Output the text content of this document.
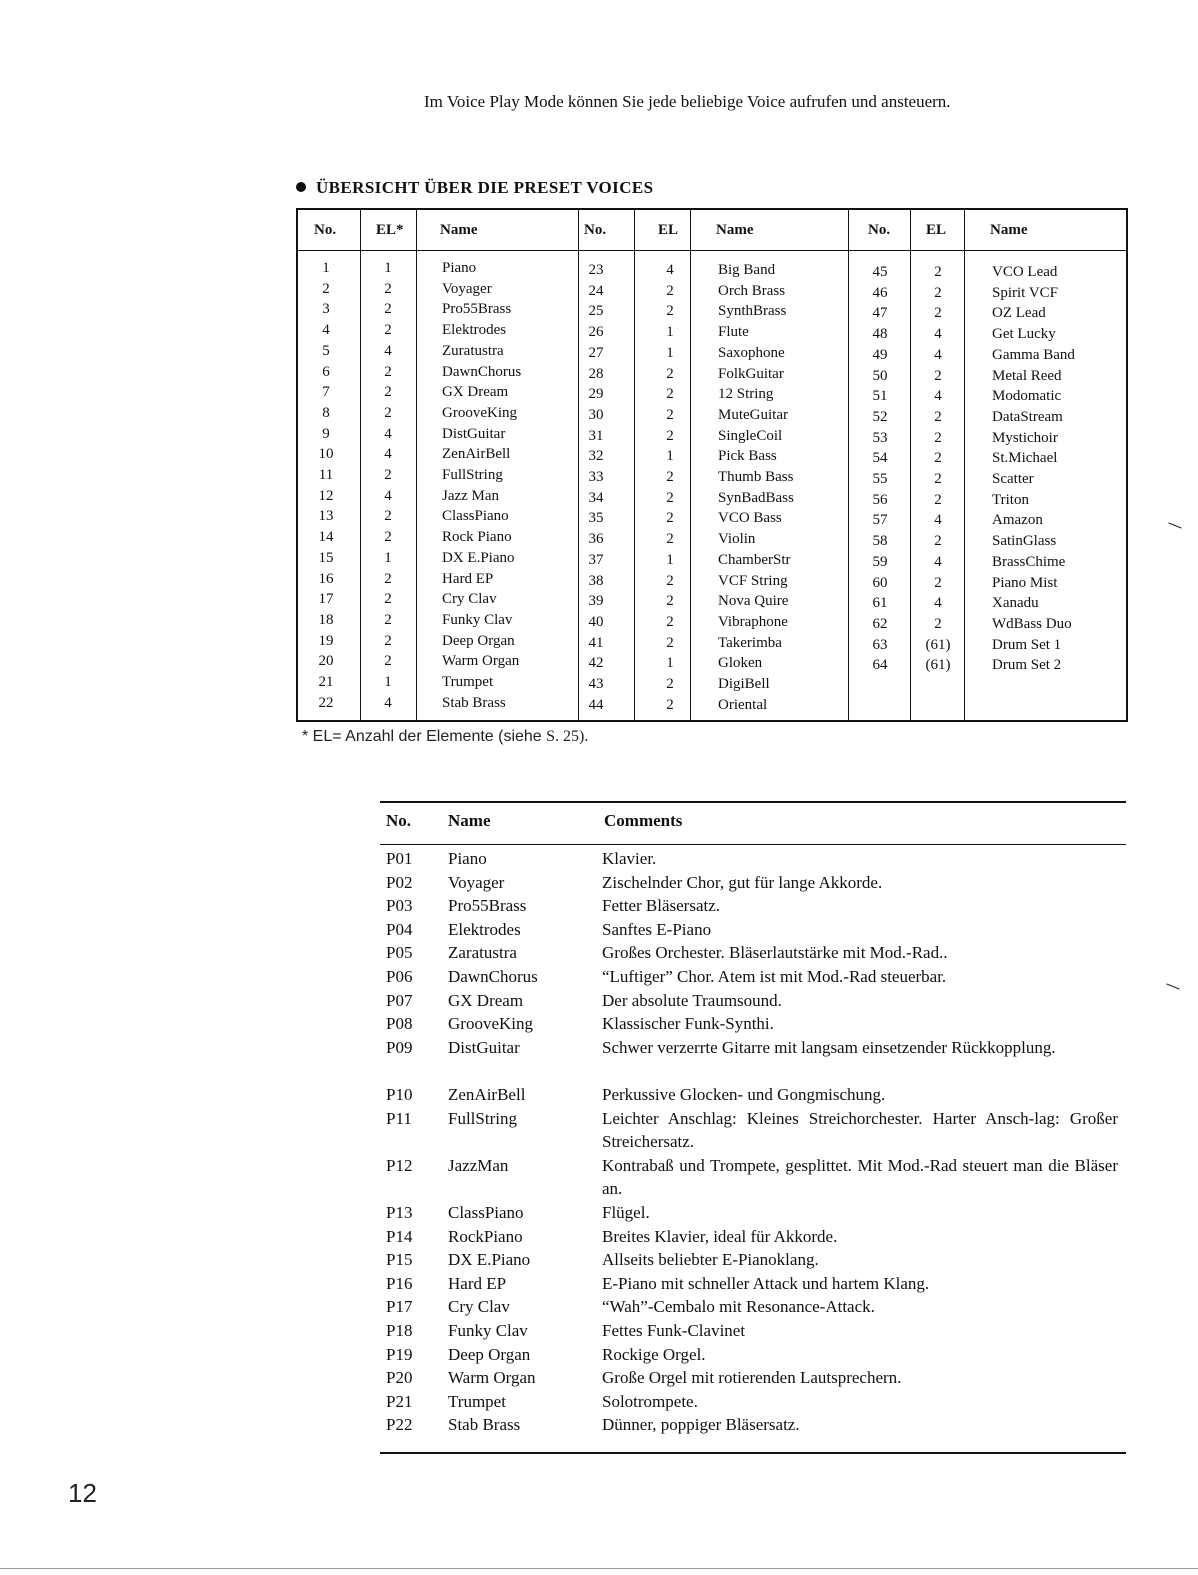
Im Voice Play Mode können Sie jede beliebige Voice aufrufen und ansteuern.
ÜBERSICHT ÜBER DIE PRESET VOICES
No.	EL* Name
1	1	Piano
2	2	Voyager
3	2	Pro55Brass
4	2	Elektrodes
5	4	Zuratustra
6	2	DawnChorus
7	2	GX Dream
8	2	GrooveKing
9	4	DistGuitar
10	4	ZenAirBell
11	2	FullString
12	4	Jazz Man
13	2	ClassPiano
14	2	Rock Piano
15	1	DX E.Piano
16	2	Hard EP
17	2	Cry Clav
18	2	Funky Clav
19	2	Deep Organ
20	2	Warm Organ
21	1	Trumpet
22	4	Stab Brass
No.	EL	Name
23	4	Big Band
24	2	Orch Brass
25	2	SynthBrass
26	1	Flute
27	1	Saxophone
28	2	FolkGuitar
29	2	12 String
30	2	MuteGuitar
31	2	SingleCoil
32	1	Pick Bass
33	2	Thumb Bass
34	2	SynBadBass
35	2	VCO Bass
36	2	Violin
37	1	ChamberStr
38	2	VCF String
39	2	Nova Quire
40	2	Vibraphone
41	2	Takerimba
42	1	Gloken
43	2	DigiBell
44	2	Oriental
No. EL	Name
45	2	VCO Lead
46	2	Spirit VCF
47	2	OZ Lead
48	4	Get Lucky
49	4	Gamma Band
50	2	Metal Reed
51	4	Modomatic
52	2	DataStream
53	2	Mystichoir
54	2	St.Michael
55	2	Scatter
56	2	Triton
57	4	Amazon
58	2	SatinGlass
59	4	BrassChime
60	2	Piano Mist
61	4	Xanadu
62	2	WdBass Duo
63	(61)	Drum Set 1
64	(61)	Drum Set 2
* EL= Anzahl der Elemente (siehe S. 25).
No. Name	Comments
P01 Piano	Klavier.
P02 Voyager	Zischelnder Chor, gut für lange Akkorde.
P03 Pro55Brass	Fetter Bläsersatz.
P04 Elektrodes	Sanftes E-Piano
P05 Zaratustra	Großes Orchester. Bläserlautstärke mit Mod.-Rad..
P06 DawnChorus	“Luftiger” Chor. Atem ist mit Mod.-Rad steuerbar.
P07 GX Dream	Der absolute Traumsound.
P08 GrooveKing	Klassischer Funk-Synthi.
P09 DistGuitar	Schwer verzerrte Gitarre mit langsam einsetzender Rückkopplung.
P10 ZenAirBell	Perkussive Glocken- und Gongmischung.
P11 FullString	Leichter Anschlag: Kleines Streichorchester. Harter Ansch-lag: Großer Streichersatz.
P12 JazzMan	Kontrabaß und Trompete, gesplittet. Mit Mod.-Rad steuert man die Bläser an.
P13 ClassPiano	Flügel.
P14 RockPiano	Breites Klavier, ideal für Akkorde.
P15 DX E.Piano	Allseits beliebter E-Pianoklang.
P16 Hard EP	E-Piano mit schneller Attack und hartem Klang.
P17 Cry Clav	“Wah”-Cembalo mit Resonance-Attack.
P18 Funky Clav	Fettes Funk-Clavinet
P19 Deep Organ	Rockige Orgel.
P20 Warm Organ	Große Orgel mit rotierenden Lautsprechern.
P21 Trumpet	Solotrompete.
P22 Stab Brass	Dünner, poppiger Bläsersatz.
12
